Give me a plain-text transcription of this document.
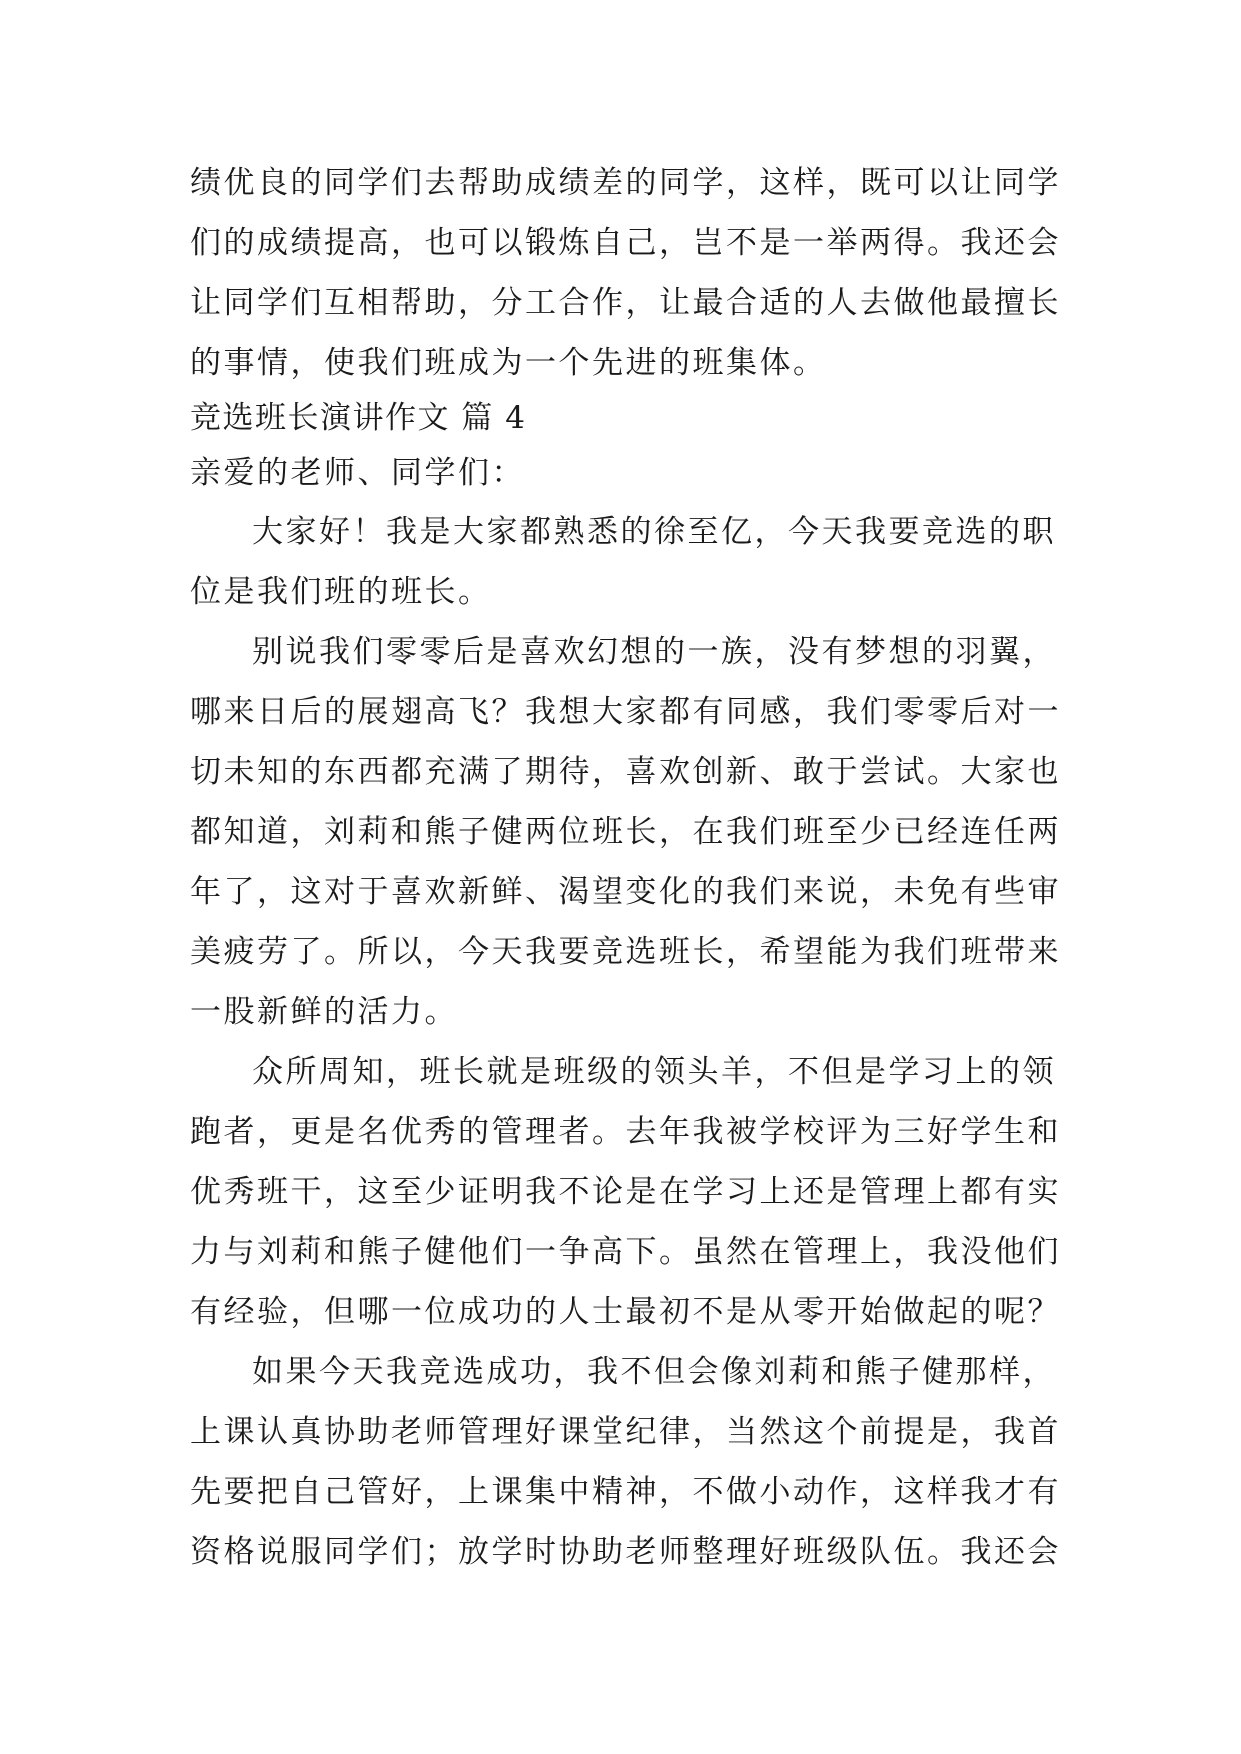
绩优良的同学们去帮助成绩差的同学，这样，既可以让同学
们的成绩提高，也可以锻炼自己，岂不是一举两得。我还会
让同学们互相帮助，分工合作，让最合适的人去做他最擅长
的事情，使我们班成为一个先进的班集体。
竞选班长演讲作文 篇 4
亲爱的老师、同学们：
大家好！我是大家都熟悉的徐至亿，今天我要竞选的职
位是我们班的班长。
别说我们零零后是喜欢幻想的一族，没有梦想的羽翼，
哪来日后的展翅高飞？我想大家都有同感，我们零零后对一
切未知的东西都充满了期待，喜欢创新、敢于尝试。大家也
都知道，刘莉和熊子健两位班长，在我们班至少已经连任两
年了，这对于喜欢新鲜、渴望变化的我们来说，未免有些审
美疲劳了。所以，今天我要竞选班长，希望能为我们班带来
一股新鲜的活力。
众所周知，班长就是班级的领头羊，不但是学习上的领
跑者，更是名优秀的管理者。去年我被学校评为三好学生和
优秀班干，这至少证明我不论是在学习上还是管理上都有实
力与刘莉和熊子健他们一争高下。虽然在管理上，我没他们
有经验，但哪一位成功的人士最初不是从零开始做起的呢？
如果今天我竞选成功，我不但会像刘莉和熊子健那样，
上课认真协助老师管理好课堂纪律，当然这个前提是，我首
先要把自己管好，上课集中精神，不做小动作，这样我才有
资格说服同学们；放学时协助老师整理好班级队伍。我还会
